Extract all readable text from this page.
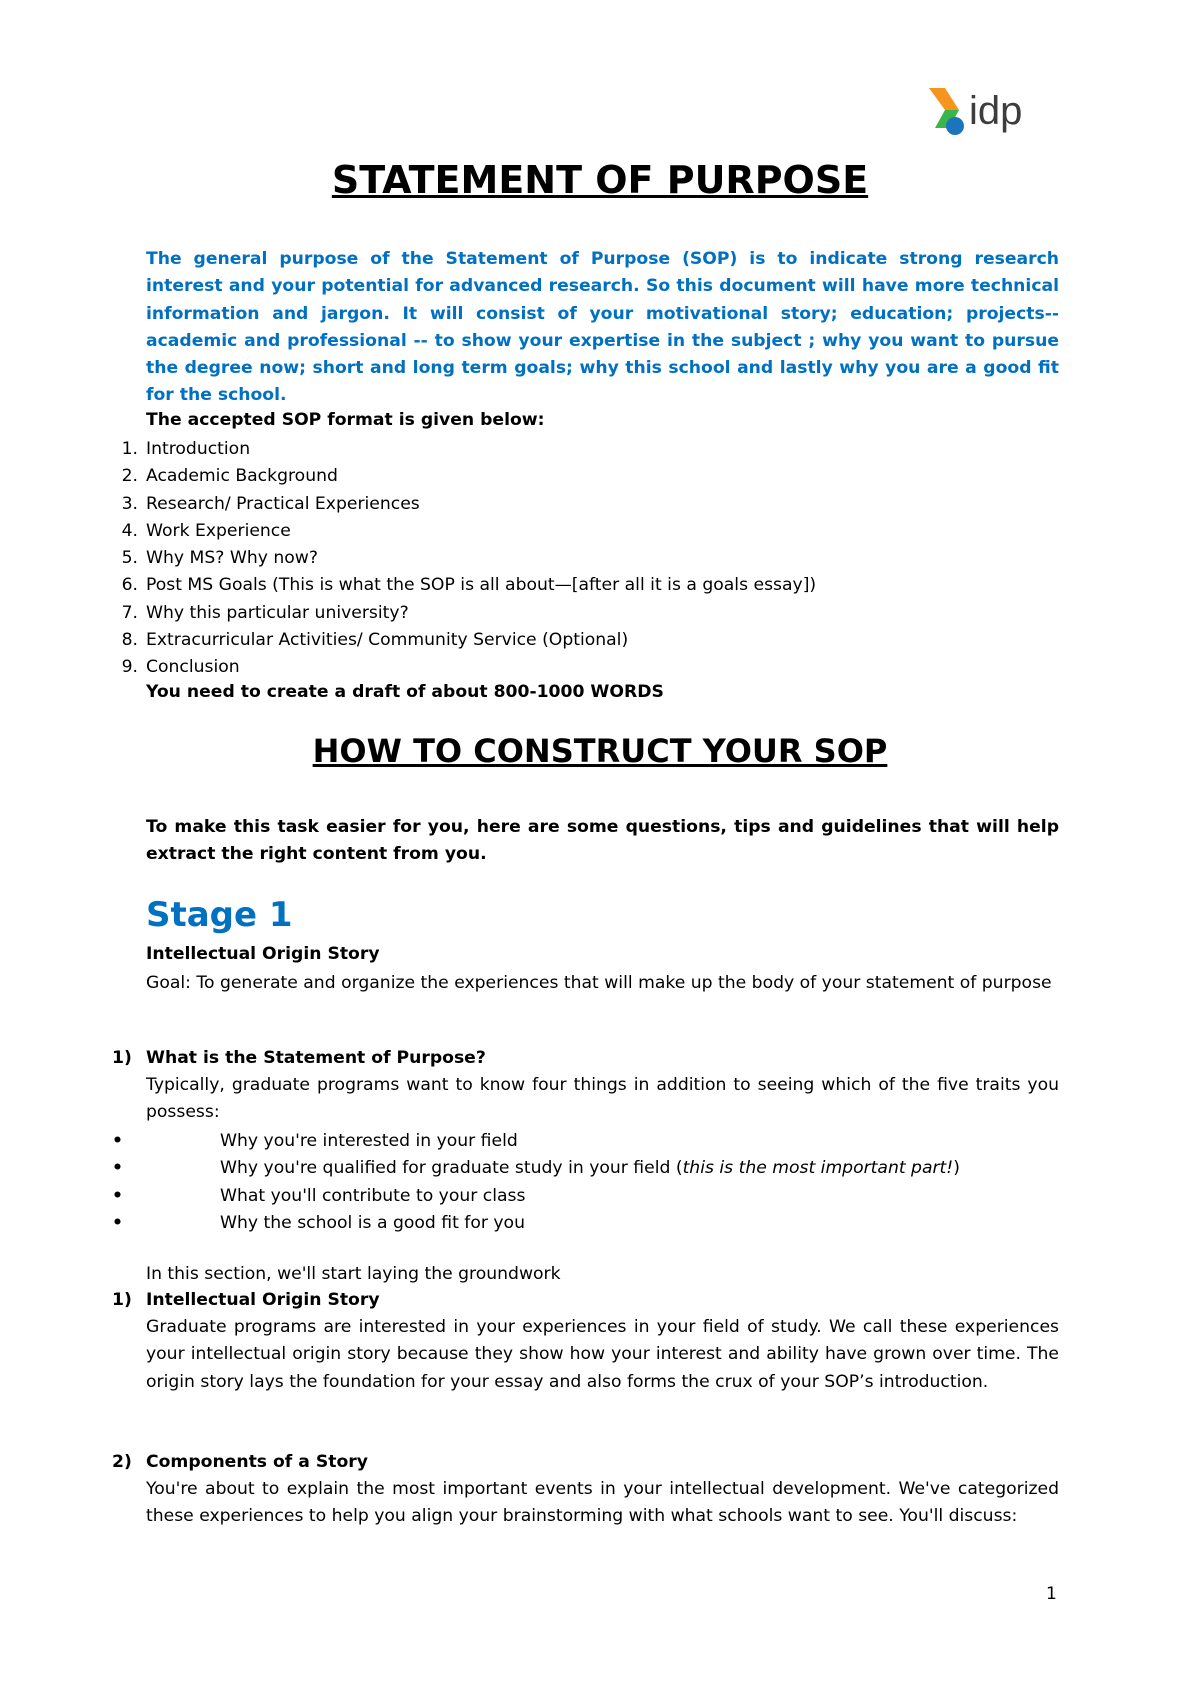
idp
STATEMENT OF PURPOSE

The general purpose of the Statement of Purpose (SOP) is to indicate strong research interest and your potential for advanced research. So this document will have more technical information and jargon. It will consist of your motivational story; education; projects--academic and professional -- to show your expertise in the subject ; why you want to pursue the degree now; short and long term goals; why this school and lastly why you are a good fit for the school.

The accepted SOP format is given below:

1. Introduction
2. Academic Background
3. Research/ Practical Experiences
4. Work Experience
5. Why MS? Why now?
6. Post MS Goals (This is what the SOP is all about—[after all it is a goals essay])
7. Why this particular university?
8. Extracurricular Activities/ Community Service (Optional)
9. Conclusion

You need to create a draft of about 800-1000 WORDS

HOW TO CONSTRUCT YOUR SOP

To make this task easier for you, here are some questions, tips and guidelines that will help extract the right content from you.

Stage 1

Intellectual Origin Story

Goal: To generate and organize the experiences that will make up the body of your statement of purpose

1) What is the Statement of Purpose?

Typically, graduate programs want to know four things in addition to seeing which of the five traits you possess:

•	Why you're interested in your field
•	Why you're qualified for graduate study in your field (this is the most important part!)
•	What you'll contribute to your class
•	Why the school is a good fit for you

In this section, we'll start laying the groundwork

1) Intellectual Origin Story

Graduate programs are interested in your experiences in your field of study. We call these experiences your intellectual origin story because they show how your interest and ability have grown over time. The origin story lays the foundation for your essay and also forms the crux of your SOP’s introduction.

2) Components of a Story

You're about to explain the most important events in your intellectual development. We've categorized these experiences to help you align your brainstorming with what schools want to see. You'll discuss:

1
